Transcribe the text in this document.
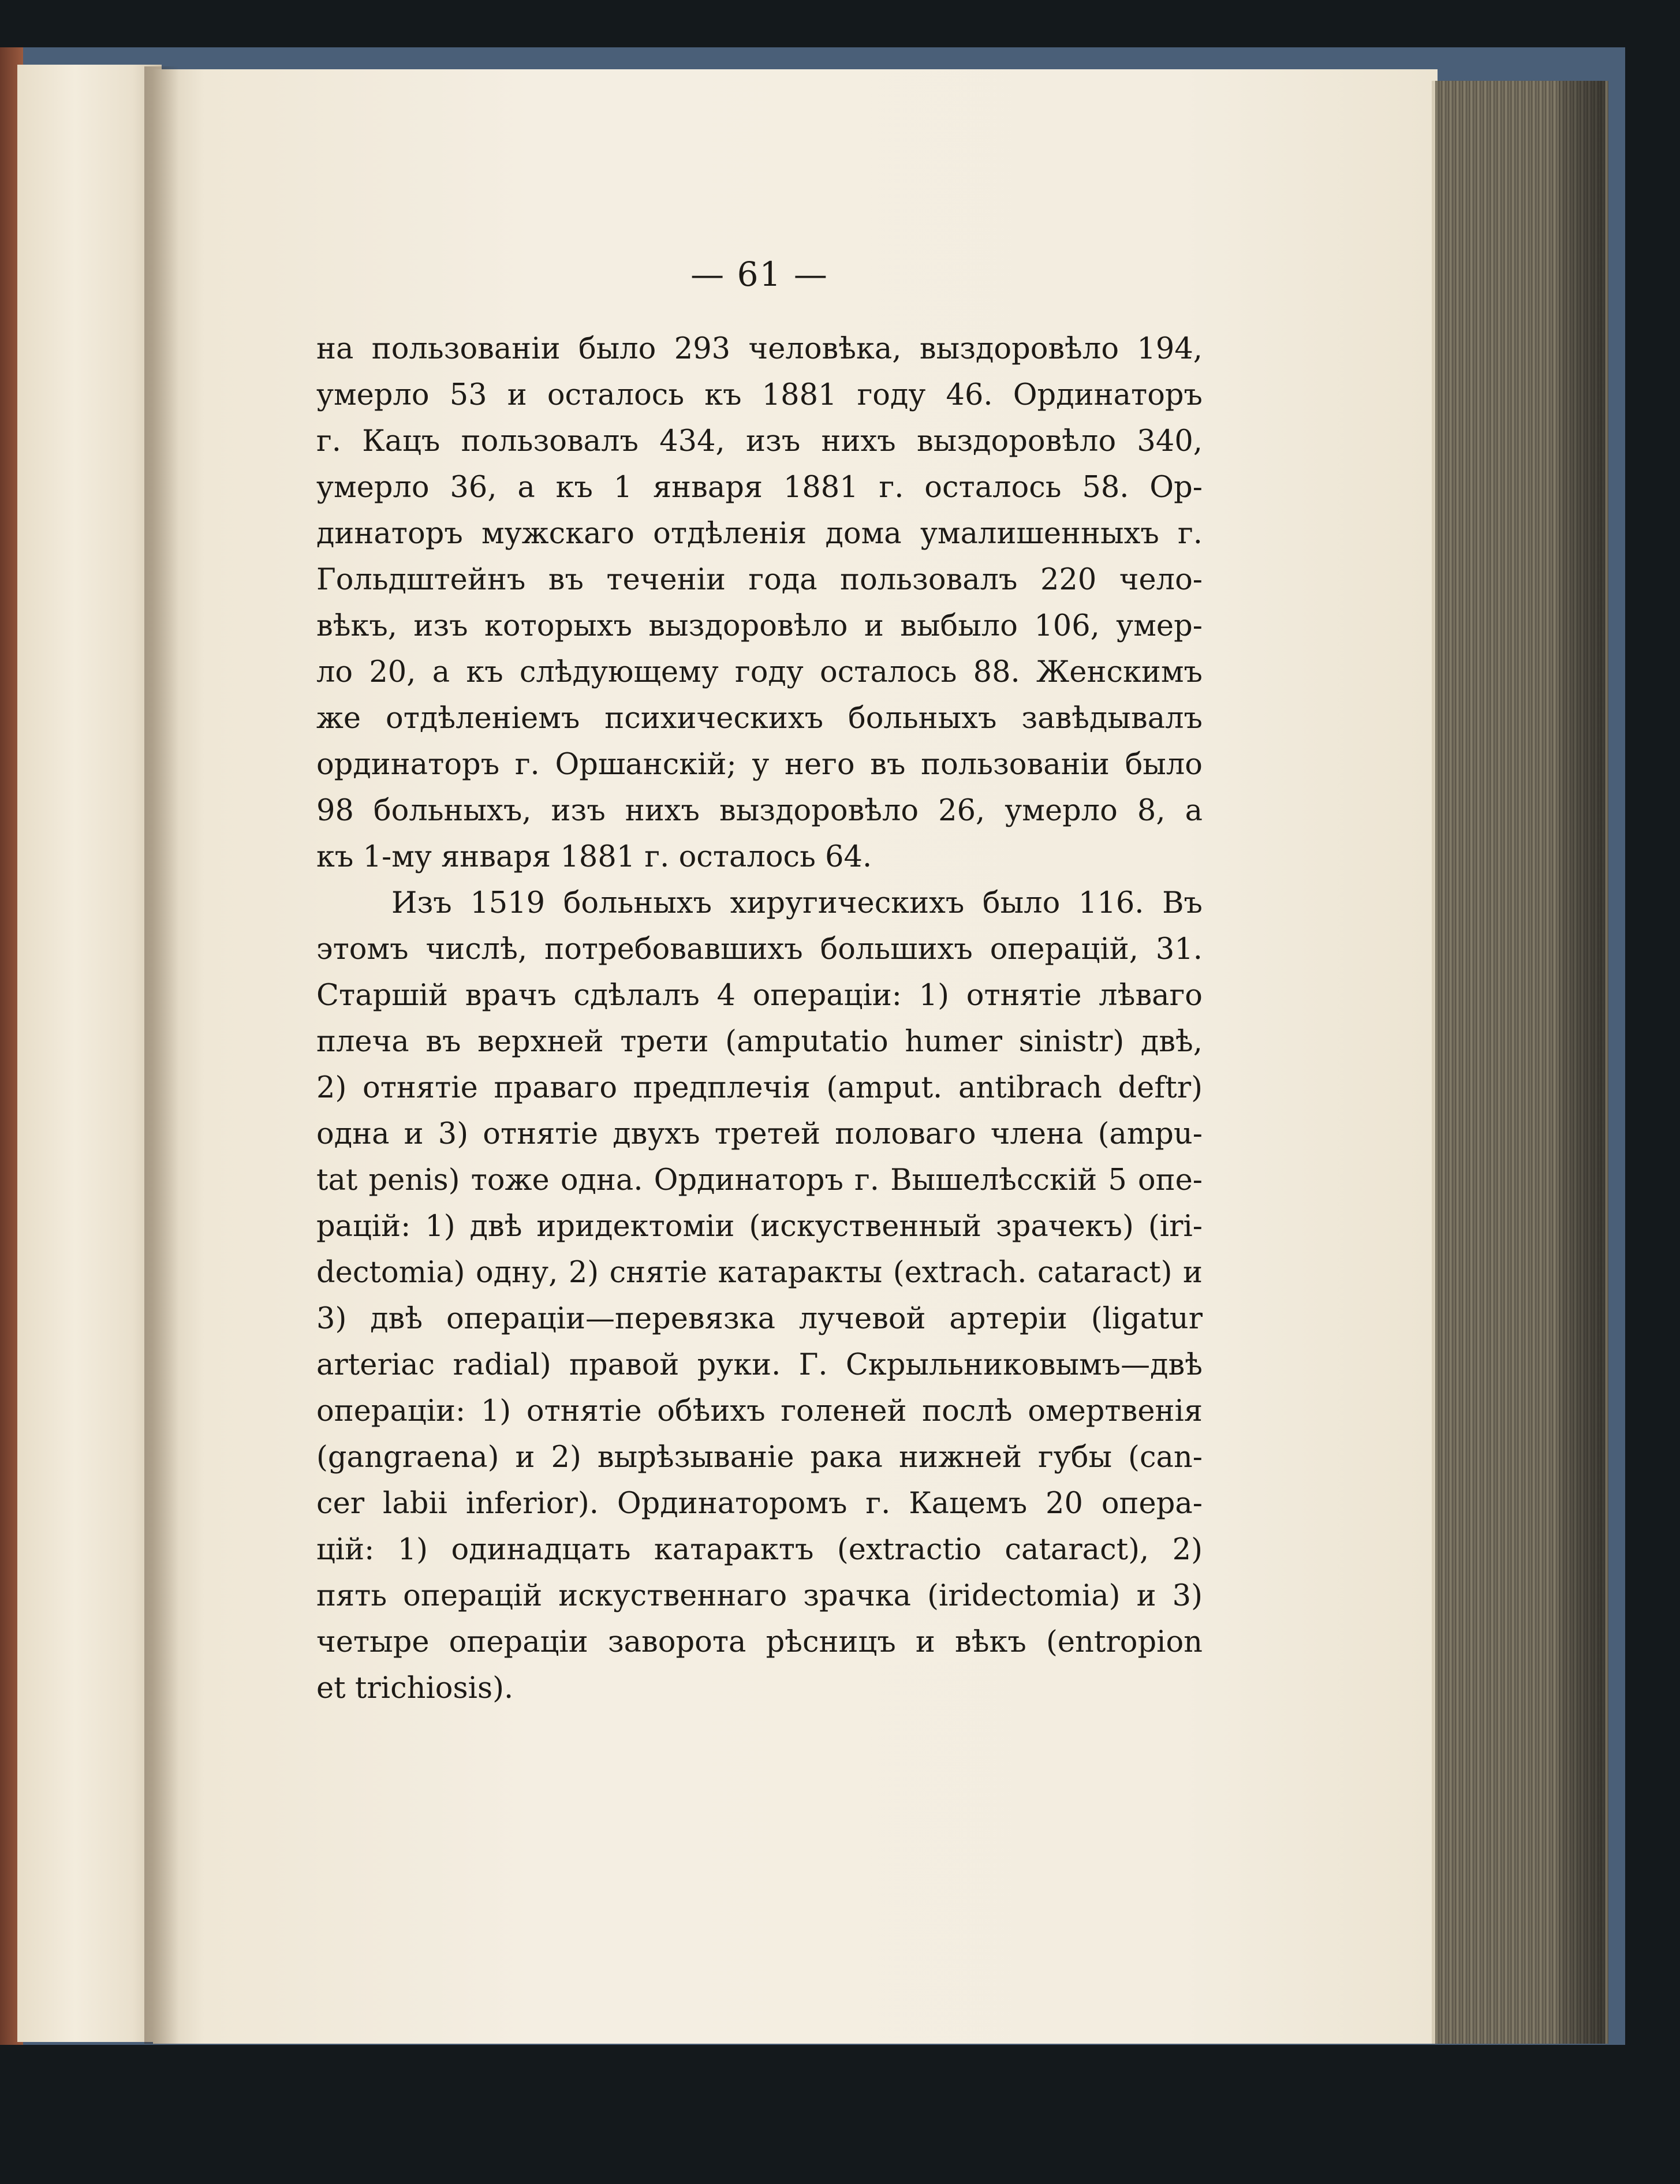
— 61 —
на пользованіи было 293 человѣка, выздоровѣло 194,
умерло 53 и осталось къ 1881 году 46. Ординаторъ
г. Кацъ пользовалъ 434, изъ нихъ выздоровѣло 340,
умерло 36, а къ 1 января 1881 г. осталось 58. Ор-
динаторъ мужскаго отдѣленія дома умалишенныхъ г.
Гольдштейнъ въ теченіи года пользовалъ 220 чело-
вѣкъ, изъ которыхъ выздоровѣло и выбыло 106, умер-
ло 20, а къ слѣдующему году осталось 88. Женскимъ
же отдѣленіемъ психическихъ больныхъ завѣдывалъ
ординаторъ г. Оршанскій; у него въ пользованіи было
98 больныхъ, изъ нихъ выздоровѣло 26, умерло 8, а
къ 1-му января 1881 г. осталось 64.
Изъ 1519 больныхъ хиругическихъ было 116. Въ
этомъ числѣ, потребовавшихъ большихъ операцій, 31.
Старшій врачъ сдѣлалъ 4 операціи: 1) отнятіе лѣваго
плеча въ верхней трети (amputatio humer sinistr) двѣ,
2) отнятіе праваго предплечія (amput. antibrach deftr)
одна и 3) отнятіе двухъ третей половаго члена (ampu-
tat penis) тоже одна. Ординаторъ г. Вышелѣсскій 5 опе-
рацій: 1) двѣ иридектоміи (искуственный зрачекъ) (iri-
dectomia) одну, 2) снятіе катаракты (extrach. cataract) и
3) двѣ операціи—перевязка лучевой артеріи (ligatur
arteriac radial) правой руки. Г. Скрыльниковымъ—двѣ
операціи: 1) отнятіе обѣихъ голеней послѣ омертвенія
(gangraena) и 2) вырѣзываніе рака нижней губы (can-
cer labii inferior). Ординаторомъ г. Кацемъ 20 опера-
цій: 1) одинадцать катарактъ (extractio cataract), 2)
пять операцій искуственнаго зрачка (iridectomia) и 3)
четыре операціи заворота рѣсницъ и вѣкъ (entropion
et trichiosis).
